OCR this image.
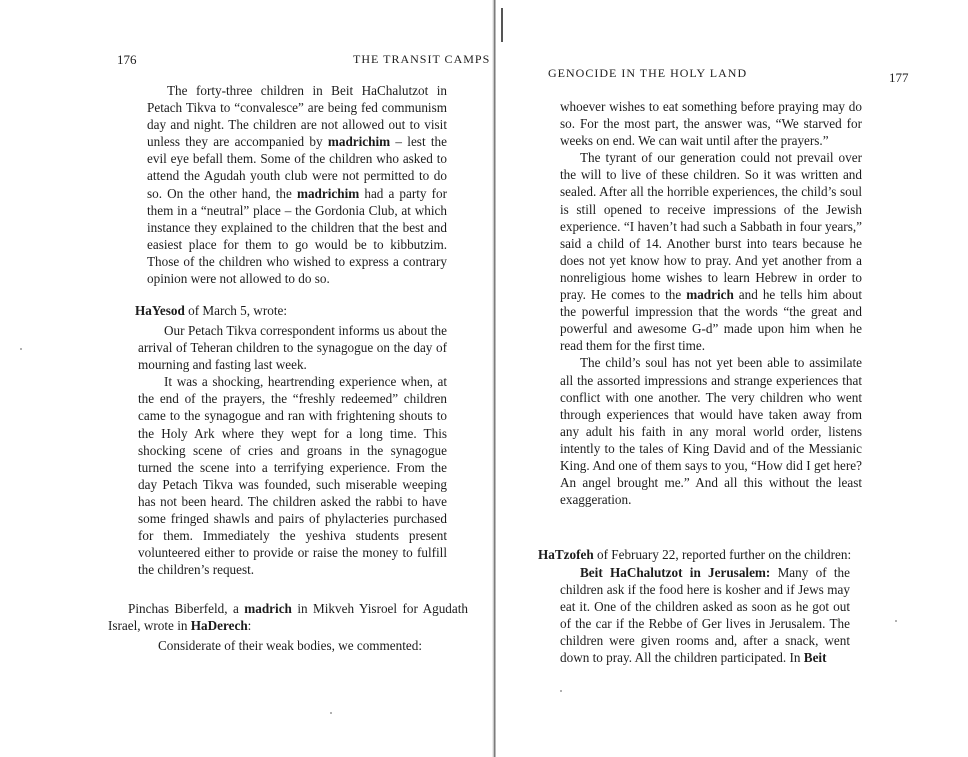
176	THE TRANSIT CAMPS

The forty-three children in Beit HaChalutzot in Petach Tikva to “convalesce” are being fed communism day and night. The children are not allowed out to visit unless they are accompanied by madrichim – lest the evil eye befall them. Some of the children who asked to attend the Agudah youth club were not permitted to do so. On the other hand, the madrichim had a party for them in a “neutral” place – the Gordonia Club, at which instance they explained to the children that the best and easiest place for them to go would be to kibbutzim. Those of the children who wished to express a contrary opinion were not allowed to do so.

HaYesod of March 5, wrote:

Our Petach Tikva correspondent informs us about the arrival of Teheran children to the synagogue on the day of mourning and fasting last week.

It was a shocking, heartrending experience when, at the end of the prayers, the “freshly redeemed” children came to the synagogue and ran with frightening shouts to the Holy Ark where they wept for a long time. This shocking scene of cries and groans in the synagogue turned the scene into a terrifying experience. From the day Petach Tikva was founded, such miserable weeping has not been heard. The children asked the rabbi to have some fringed shawls and pairs of phylacteries purchased for them. Immediately the yeshiva students present volunteered either to provide or raise the money to fulfill the children’s request.

Pinchas Biberfeld, a madrich in Mikveh Yisroel for Agudath Israel, wrote in HaDerech:

Considerate of their weak bodies, we commented:

GENOCIDE IN THE HOLY LAND	177

whoever wishes to eat something before praying may do so. For the most part, the answer was, “We starved for weeks on end. We can wait until after the prayers.”

The tyrant of our generation could not prevail over the will to live of these children. So it was written and sealed. After all the horrible experiences, the child’s soul is still opened to receive impressions of the Jewish experience. “I haven’t had such a Sabbath in four years,” said a child of 14. Another burst into tears because he does not yet know how to pray. And yet another from a nonreligious home wishes to learn Hebrew in order to pray. He comes to the madrich and he tells him about the powerful impression that the words “the great and powerful and awesome G-d” made upon him when he read them for the first time.

The child’s soul has not yet been able to assimilate all the assorted impressions and strange experiences that conflict with one another. The very children who went through experiences that would have taken away from any adult his faith in any moral world order, listens intently to the tales of King David and of the Messianic King. And one of them says to you, “How did I get here? An angel brought me.” And all this without the least exaggeration.

HaTzofeh of February 22, reported further on the children:

Beit HaChalutzot in Jerusalem: Many of the children ask if the food here is kosher and if Jews may eat it. One of the children asked as soon as he got out of the car if the Rebbe of Ger lives in Jerusalem. The children were given rooms and, after a snack, went down to pray. All the children participated. In Beit
